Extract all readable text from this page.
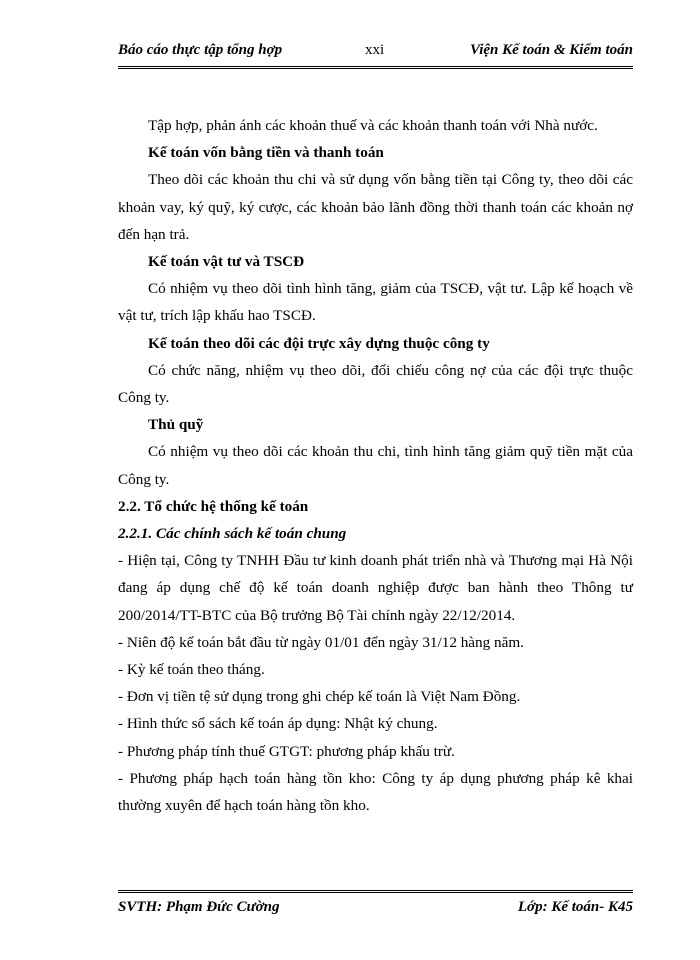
Báo cáo thực tập tổng hợp	xxi	Viện Kế toán & Kiểm toán

Tập hợp, phản ánh các khoản thuế và các khoản thanh toán với Nhà nước.

Kế toán vốn bằng tiền và thanh toán

Theo dõi các khoản thu chi và sử dụng vốn bằng tiền tại Công ty, theo dõi các khoản vay, ký quỹ, ký cược, các khoản bảo lãnh đồng thời thanh toán các khoản nợ đến hạn trả.

Kế toán vật tư và TSCĐ

Có nhiệm vụ theo dõi tình hình tăng, giảm của TSCĐ, vật tư. Lập kế hoạch về vật tư, trích lập khấu hao TSCĐ.

Kế toán theo dõi các đội trực xây dựng thuộc công ty

Có chức năng, nhiệm vụ theo dõi, đối chiếu công nợ của các đội trực thuộc Công ty.

Thủ quỹ

Có nhiệm vụ theo dõi các khoản thu chi, tình hình tăng giảm quỹ tiền mặt của Công ty.

2.2. Tổ chức hệ thống kế toán

2.2.1. Các chính sách kế toán chung

- Hiện tại, Công ty TNHH Đầu tư kinh doanh phát triển nhà và Thương mại Hà Nội đang áp dụng chế độ kế toán doanh nghiệp được ban hành theo Thông tư 200/2014/TT-BTC của Bộ trưởng Bộ Tài chính ngày 22/12/2014.

- Niên độ kế toán bắt đầu từ ngày 01/01 đến ngày 31/12 hàng năm.

- Kỳ kế toán theo tháng.

- Đơn vị tiền tệ sử dụng trong ghi chép kế toán là Việt Nam Đồng.

- Hình thức sổ sách kế toán áp dụng: Nhật ký chung.

- Phương pháp tính thuế GTGT: phương pháp khấu trừ.

- Phương pháp hạch toán hàng tồn kho: Công ty áp dụng phương pháp kê khai thường xuyên để hạch toán hàng tồn kho.

SVTH: Phạm Đức Cường	Lớp: Kế toán- K45
